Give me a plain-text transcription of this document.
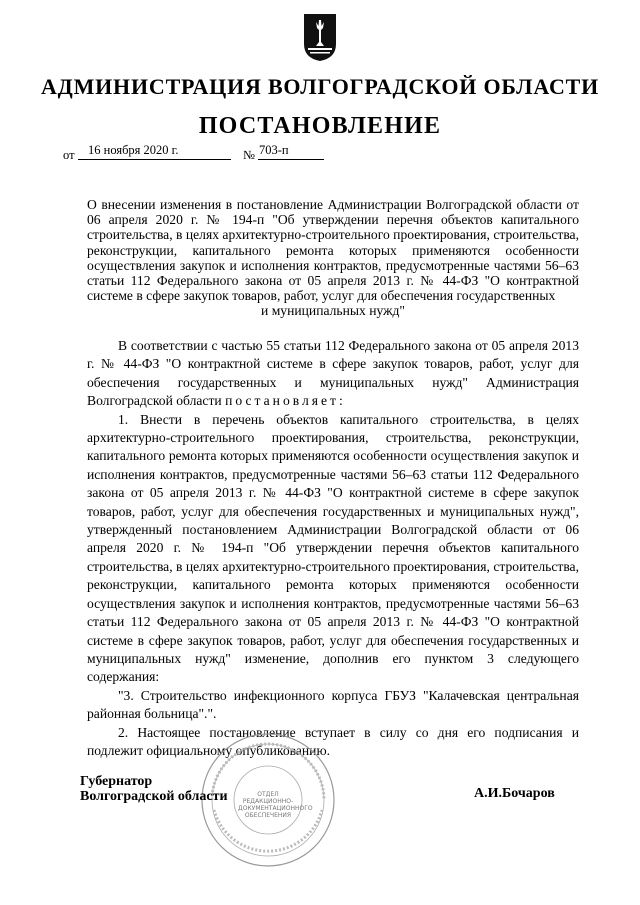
АДМИНИСТРАЦИЯ ВОЛГОГРАДСКОЙ ОБЛАСТИ
ПОСТАНОВЛЕНИЕ
от 16 ноября 2020 г.	№ 703-п
О внесении изменения в постановление Администрации Волгоградской области от 06 апреля 2020 г. № 194-п "Об утверждении перечня объектов капитального строительства, в целях архитектурно-строительного проектирования, строительства, реконструкции, капитального ремонта которых применяются особенности осуществления закупок и исполнения контрактов, предусмотренные частями 56–63 статьи 112 Федерального закона от 05 апреля 2013 г. № 44-ФЗ "О контрактной системе в сфере закупок товаров, работ, услуг для обеспечения государственных
и муниципальных нужд"

В соответствии с частью 55 статьи 112 Федерального закона от 05 апреля 2013 г. № 44-ФЗ "О контрактной системе в сфере закупок товаров, работ, услуг для обеспечения государственных и муниципальных нужд" Администрация Волгоградской области постановляет:

1. Внести в перечень объектов капитального строительства, в целях архитектурно-строительного проектирования, строительства, реконструкции, капитального ремонта которых применяются особенности осуществления закупок и исполнения контрактов, предусмотренные частями 56–63 статьи 112 Федерального закона от 05 апреля 2013 г. № 44-ФЗ "О контрактной системе в сфере закупок товаров, работ, услуг для обеспечения государственных и муниципальных нужд", утвержденный постановлением Администрации Волгоградской области от 06 апреля 2020 г. № 194-п "Об утверждении перечня объектов капитального строительства, в целях архитектурно-строительного проектирования, строительства, реконструкции, капитального ремонта которых применяются особенности осуществления закупок и исполнения контрактов, предусмотренные частями 56–63 статьи 112 Федерального закона от 05 апреля 2013 г. № 44-ФЗ "О контрактной системе в сфере закупок товаров, работ, услуг для обеспечения государственных и муниципальных нужд" изменение, дополнив его пунктом 3 следующего содержания:

"3. Строительство инфекционного корпуса ГБУЗ "Калачевская центральная районная больница".".

2. Настоящее постановление вступает в силу со дня его подписания и подлежит официальному опубликованию.

ОТДЕЛ
РЕДАКЦИОННО-
ДОКУМЕНТАЦИОННОГО
ОБЕСПЕЧЕНИЯ
Губернатор
Волгоградской области	А.И.Бочаров
